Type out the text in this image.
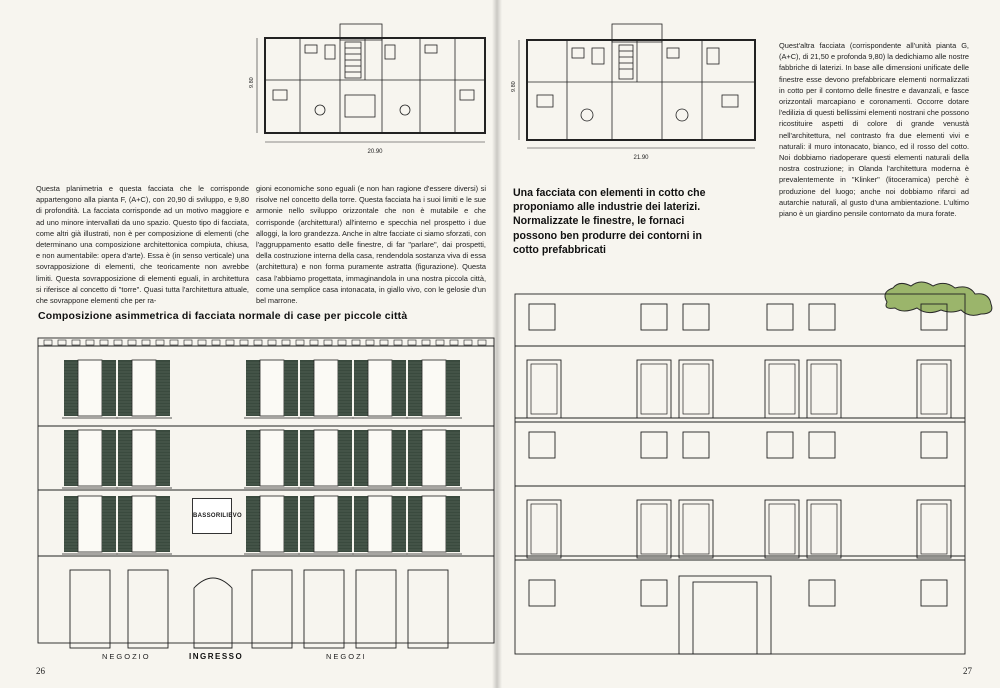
20.90
9.80
Questa planimetria e questa facciata che le corrisponde appartengono alla pianta F, (A+C), con 20,90 di sviluppo, e 9,80 di profondità. La facciata corrisponde ad un motivo maggiore e ad uno minore intervallati da uno spazio. Questo tipo di facciata, come altri già illustrati, non è per composizione di elementi (che determinano una composizione architettonica compiuta, chiusa, e non aumentabile: opera d'arte). Essa è (in senso verticale) una sovrapposizione di elementi, che teoricamente non avrebbe limiti. Questa sovrapposizione di elementi eguali, in architettura si riferisce al concetto di "torre". Quasi tutta l'architettura attuale, che sovrappone elementi che per ra-
gioni economiche sono eguali (e non han ragione d'essere diversi) si risolve nel concetto della torre. Questa facciata ha i suoi limiti e le sue armonie nello sviluppo orizzontale che non è mutabile e che corrisponde (architettura!) all'interno e specchia nel prospetto i due alloggi, la loro grandezza. Anche in altre facciate ci siamo sforzati, con l'aggruppamento esatto delle finestre, di far "parlare", dai prospetti, della costruzione interna della casa, rendendola sostanza viva di essa (architettura) e non forma puramente astratta (figurazione). Questa casa l'abbiamo progettata, immaginandola in una nostra piccola città, come una semplice casa intonacata, in giallo vivo, con le gelosie d'un bel marrone.
Composizione asimmetrica di facciata normale di case per piccole città
BASSORILIEVO
NEGOZIO	INGRESSO	NEGOZI
26
21.90
9.80
Una facciata con elementi in cotto che proponiamo alle industrie dei laterizi. Normalizzate le finestre, le fornaci possono ben produrre dei contorni in cotto prefabbricati
Quest'altra facciata (corrispondente all'unità pianta G, (A+C), di 21,50 e profonda 9,80) la dedichiamo alle nostre fabbriche di laterizi. In base alle dimensioni unificate delle finestre esse devono prefabbricare elementi normalizzati in cotto per il contorno delle finestre e davanzali, e fasce orizzontali marcapiano e coronamenti. Occorre dotare l'edilizia di questi bellissimi elementi nostrani che possono ricostituire aspetti di colore di grande venustà nell'architettura, nel contrasto fra due elementi vivi e naturali: il muro intonacato, bianco, ed il rosso del cotto. Noi dobbiamo riadoperare questi elementi naturali della nostra costruzione; in Olanda l'architettura moderna è prevalentemente in "Klinker" (litoceramica) perchè è produzione del luogo; anche noi dobbiamo rifarci ad autarchie naturali, al gusto d'una ambientazione. L'ultimo piano è un giardino pensile contornato da mura forate.
27
